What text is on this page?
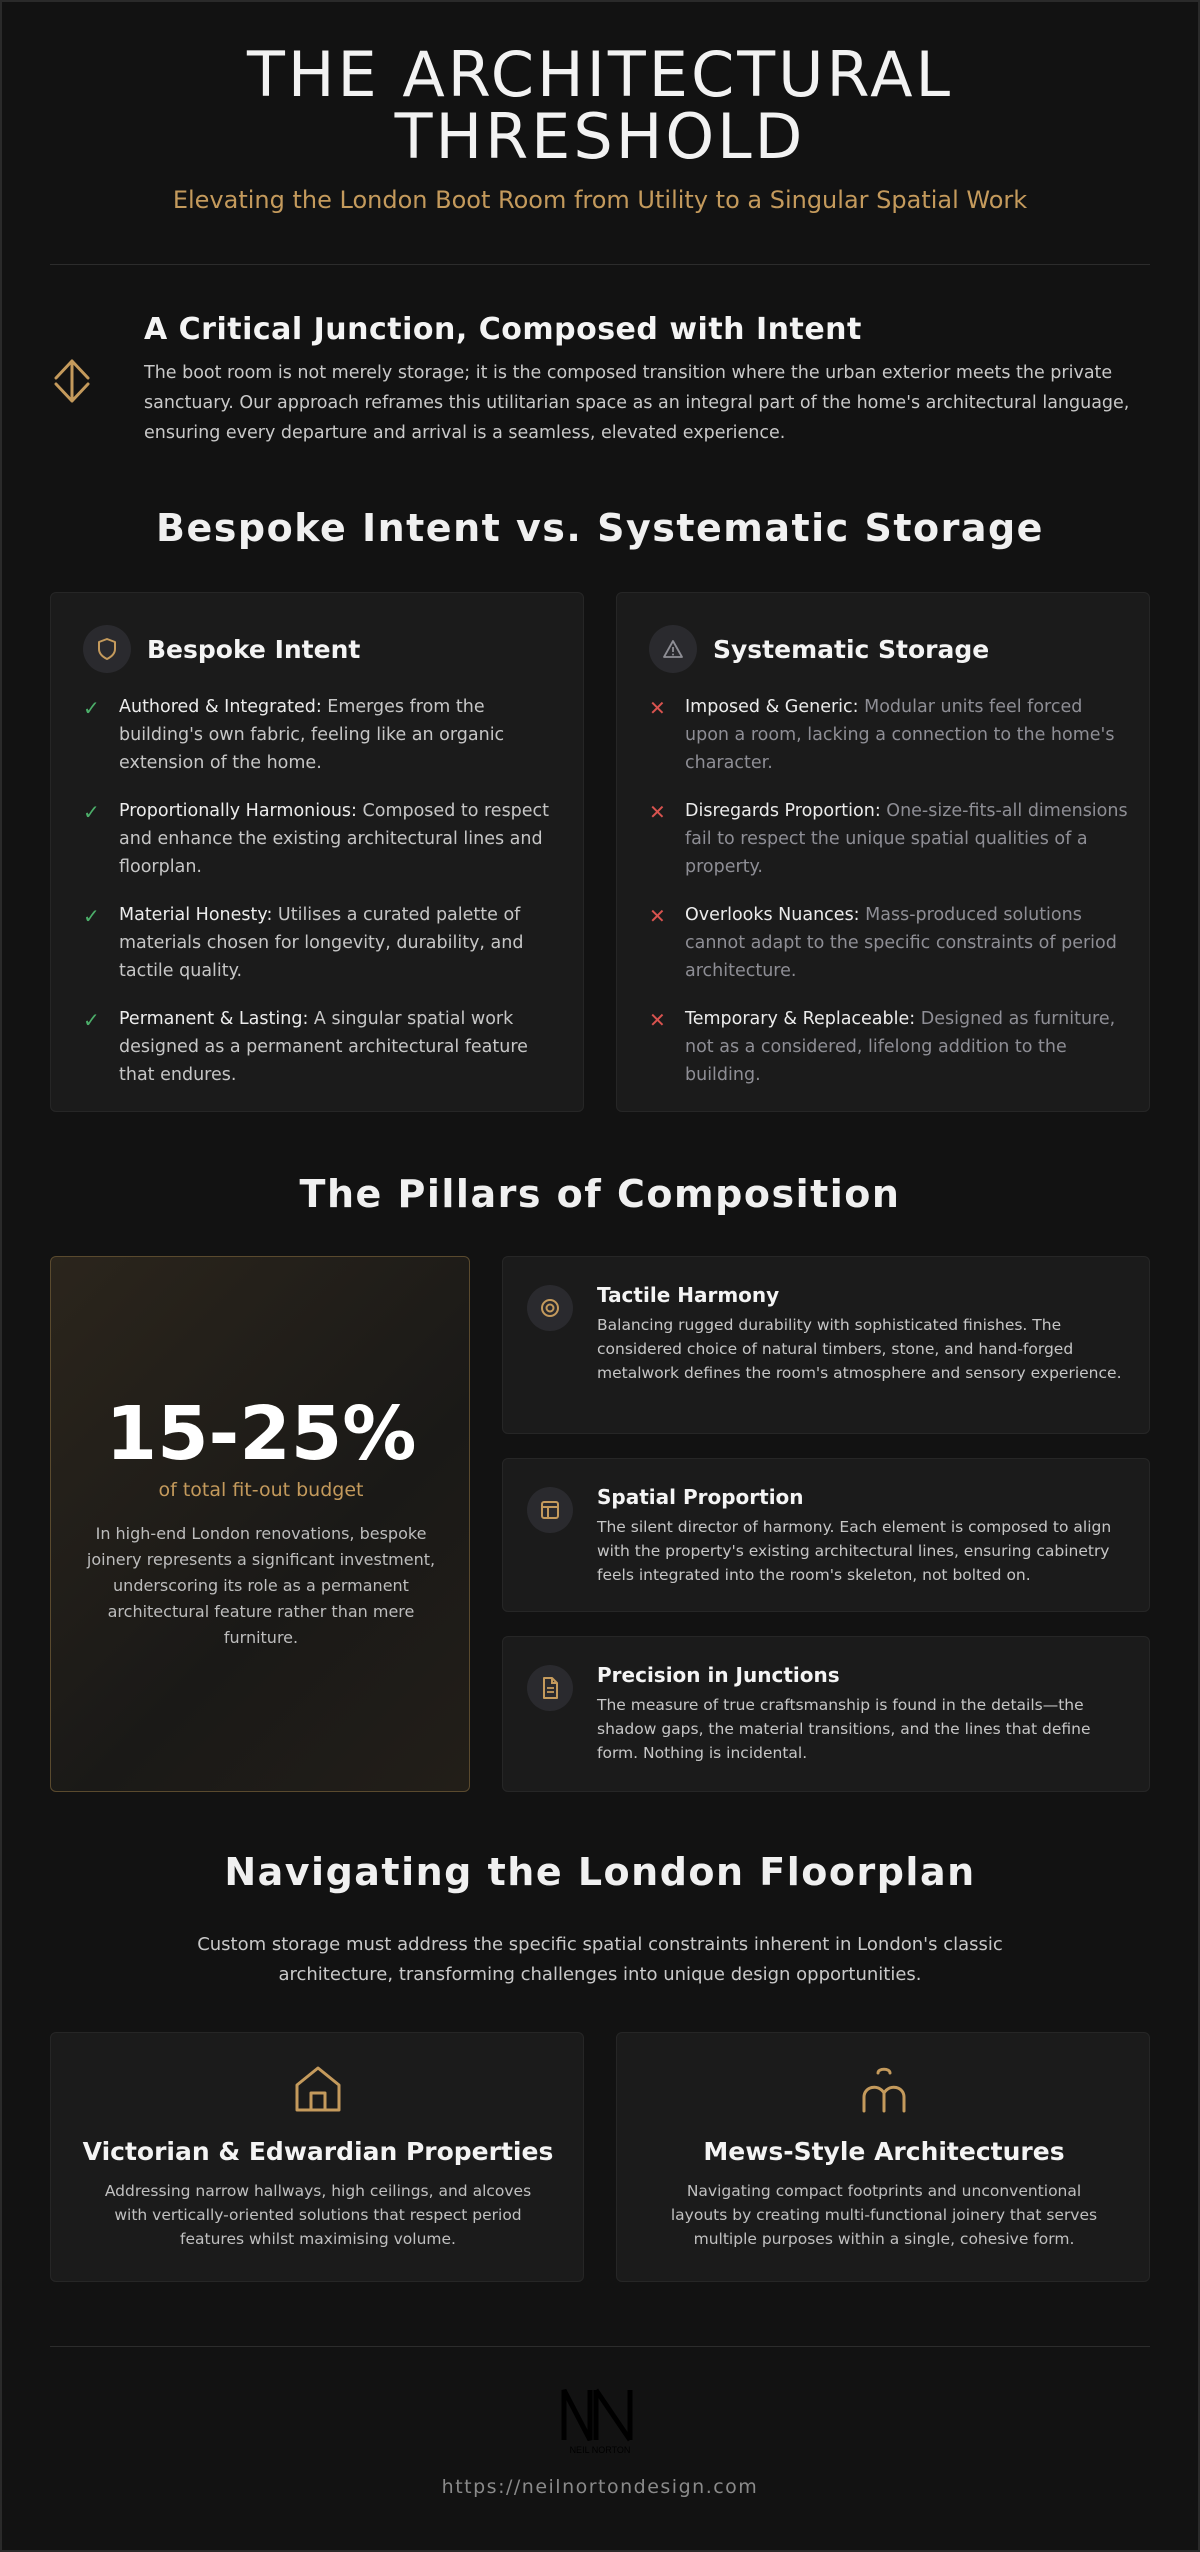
THE ARCHITECTURAL
THRESHOLD
Elevating the London Boot Room from Utility to a Singular Spatial Work
A Critical Junction, Composed with Intent

The boot room is not merely storage; it is the composed transition where the urban exterior meets the private sanctuary. Our approach reframes this utilitarian space as an integral part of the home's architectural language, ensuring every departure and arrival is a seamless, elevated experience.

Bespoke Intent vs. Systematic Storage
Bespoke Intent
✓ Authored & Integrated: Emerges from the building's own fabric, feeling like an organic extension of the home.
✓ Proportionally Harmonious: Composed to respect and enhance the existing architectural lines and floorplan.
✓ Material Honesty: Utilises a curated palette of materials chosen for longevity, durability, and tactile quality.
✓ Permanent & Lasting: A singular spatial work designed as a permanent architectural feature that endures.
Systematic Storage
✕ Imposed & Generic: Modular units feel forced upon a room, lacking a connection to the home's character.
✕ Disregards Proportion: One-size-fits-all dimensions fail to respect the unique spatial qualities of a property.
✕ Overlooks Nuances: Mass-produced solutions cannot adapt to the specific constraints of period architecture.
✕ Temporary & Replaceable: Designed as furniture, not as a considered, lifelong addition to the building.
The Pillars of Composition
15-25%
of total fit-out budget
In high-end London renovations, bespoke joinery represents a significant investment, underscoring its role as a permanent architectural feature rather than mere furniture.
Tactile Harmony
Balancing rugged durability with sophisticated finishes. The considered choice of natural timbers, stone, and hand-forged metalwork defines the room's atmosphere and sensory experience.
Spatial Proportion
The silent director of harmony. Each element is composed to align with the property's existing architectural lines, ensuring cabinetry feels integrated into the room's skeleton, not bolted on.
Precision in Junctions
The measure of true craftsmanship is found in the details—the shadow gaps, the material transitions, and the lines that define form. Nothing is incidental.
Navigating the London Floorplan

Custom storage must address the specific spatial constraints inherent in London's classic architecture, transforming challenges into unique design opportunities.

Victorian & Edwardian Properties
Addressing narrow hallways, high ceilings, and alcoves with vertically-oriented solutions that respect period features whilst maximising volume.
Mews-Style Architectures
Navigating compact footprints and unconventional layouts by creating multi-functional joinery that serves multiple purposes within a single, cohesive form.
NEIL NORTON
https://neilnortondesign.com
